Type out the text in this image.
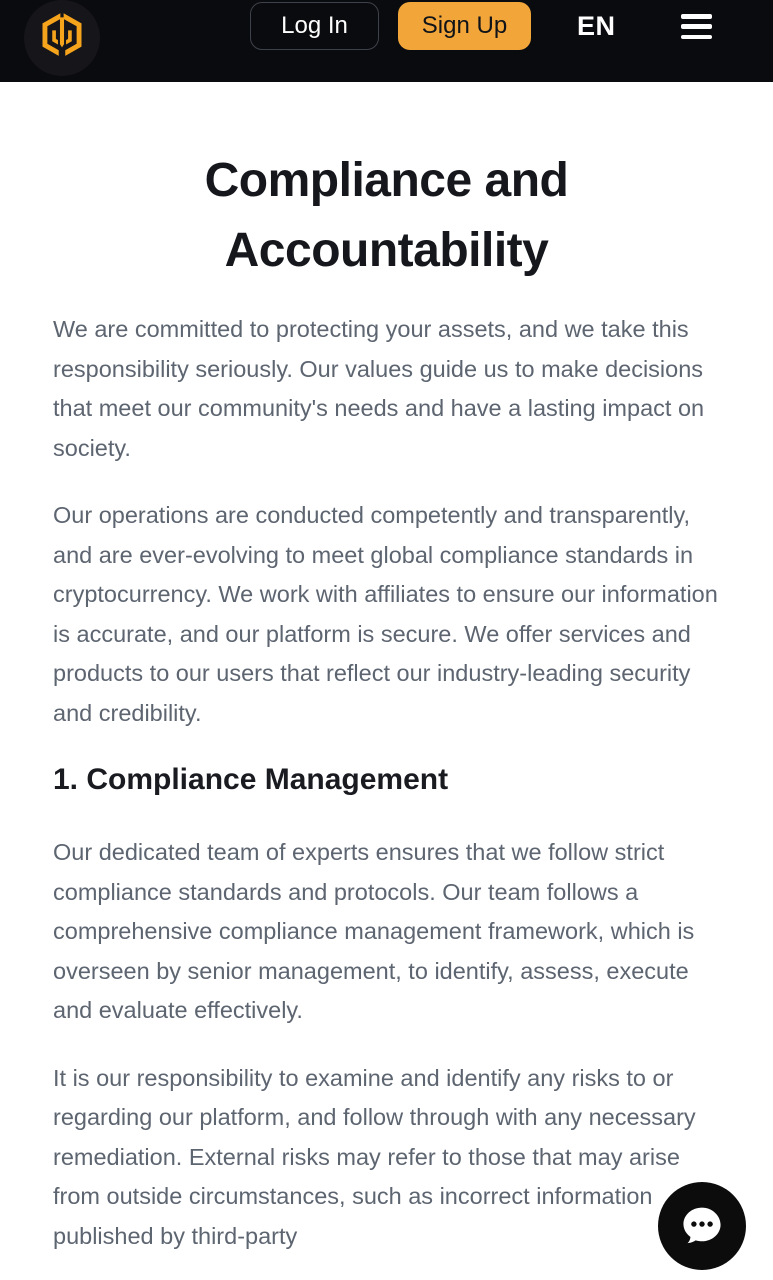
Log In	Sign Up	EN
Compliance and Accountability

We are committed to protecting your assets, and we take this responsibility seriously. Our values guide us to make decisions that meet our community's needs and have a lasting impact on society.

Our operations are conducted competently and transparently, and are ever-evolving to meet global compliance standards in cryptocurrency. We work with affiliates to ensure our information is accurate, and our platform is secure. We offer services and products to our users that reflect our industry-leading security and credibility.

1. Compliance Management

Our dedicated team of experts ensures that we follow strict compliance standards and protocols. Our team follows a comprehensive compliance management framework, which is overseen by senior management, to identify, assess, execute and evaluate effectively.

It is our responsibility to examine and identify any risks to or regarding our platform, and follow through with any necessary remediation. External risks may refer to those that may arise from outside circumstances, such as incorrect information published by third-party
